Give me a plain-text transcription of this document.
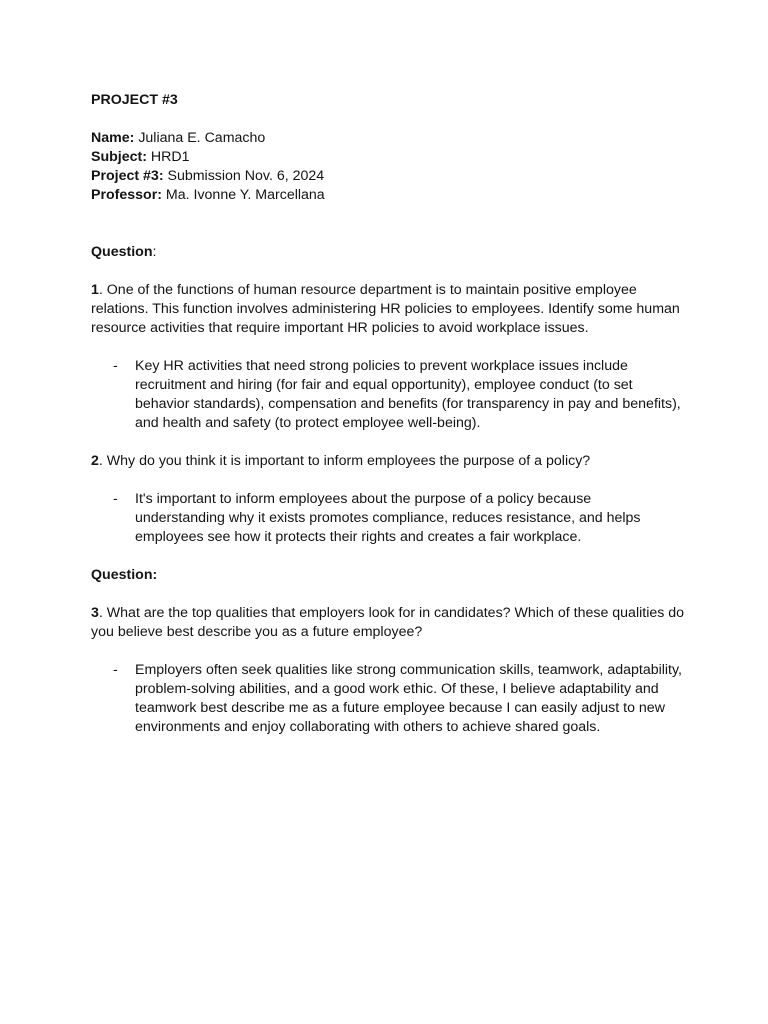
PROJECT #3
Name: Juliana E. Camacho
Subject: HRD1
Project #3: Submission Nov. 6, 2024
Professor: Ma. Ivonne Y. Marcellana
Question:

1. One of the functions of human resource department is to maintain positive employee relations. This function involves administering HR policies to employees. Identify some human resource activities that require important HR policies to avoid workplace issues.

- Key HR activities that need strong policies to prevent workplace issues include recruitment and hiring (for fair and equal opportunity), employee conduct (to set behavior standards), compensation and benefits (for transparency in pay and benefits), and health and safety (to protect employee well-being).

2. Why do you think it is important to inform employees the purpose of a policy?

- It's important to inform employees about the purpose of a policy because understanding why it exists promotes compliance, reduces resistance, and helps employees see how it protects their rights and creates a fair workplace.
Question:

3. What are the top qualities that employers look for in candidates? Which of these qualities do you believe best describe you as a future employee?

- Employers often seek qualities like strong communication skills, teamwork, adaptability, problem-solving abilities, and a good work ethic. Of these, I believe adaptability and teamwork best describe me as a future employee because I can easily adjust to new environments and enjoy collaborating with others to achieve shared goals.
